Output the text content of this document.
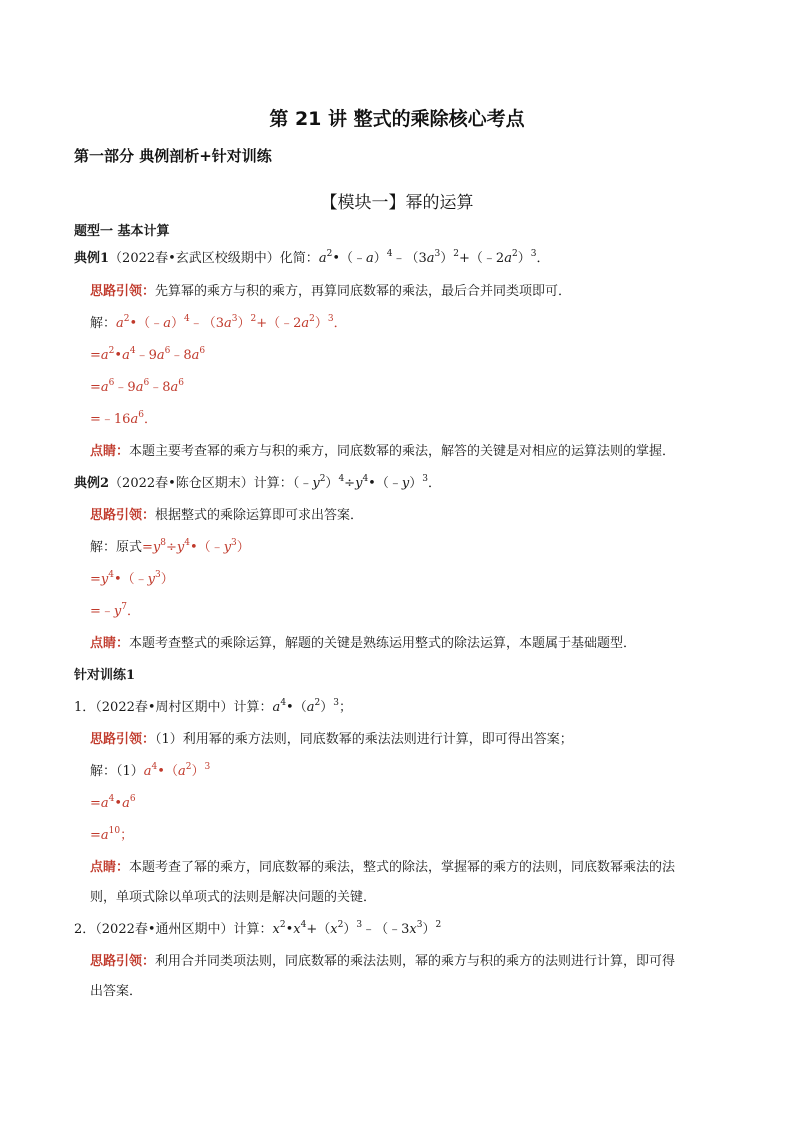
第 21 讲 整式的乘除核心考点
第一部分 典例剖析+针对训练
【模块一】幂的运算
题型一 基本计算
典例1（2022春•玄武区校级期中）化简：$a^2•(﹣a)^4﹣(3a^3)^2+(﹣2a^2)^3$．
思路引领：先算幂的乘方与积的乘方，再算同底数幂的乘法，最后合并同类项即可．
解：$a^2•(﹣a)^4﹣(3a^3)^2+(﹣2a^2)^3$．
$=a^2•a^4﹣9a^6﹣8a^6$
$=a^6﹣9a^6﹣8a^6$
$=﹣16a^6$．
点睛：本题主要考查幂的乘方与积的乘方，同底数幂的乘法，解答的关键是对相应的运算法则的掌握．
典例2（2022春•陈仓区期末）计算：$(﹣y^2)^4\div y^4•(﹣y)^3$．
思路引领：根据整式的乘除运算即可求出答案．
解：原式$=y^8\div y^4•(﹣y^3)$
$=y^4•(﹣y^3)$
$=﹣y^7$．
点睛：本题考查整式的乘除运算，解题的关键是熟练运用整式的除法运算，本题属于基础题型．
针对训练1
1．（2022春•周村区期中）计算：$a^4•(a^2)^3$；
思路引领：（1）利用幂的乘方法则，同底数幂的乘法法则进行计算，即可得出答案；
解：$(1)a^4•(a^2)^3$
$=a^4•a^6$
$=a^{10}$；
点睛：本题考查了幂的乘方，同底数幂的乘法，整式的除法，掌握幂的乘方的法则，同底数幂乘法的法
则，单项式除以单项式的法则是解决问题的关键．
2．（2022春•通州区期中）计算：$x^2•x^4+(x^2)^3﹣(﹣3x^3)^2$
思路引领：利用合并同类项法则，同底数幂的乘法法则，幂的乘方与积的乘方的法则进行计算，即可得
出答案．
